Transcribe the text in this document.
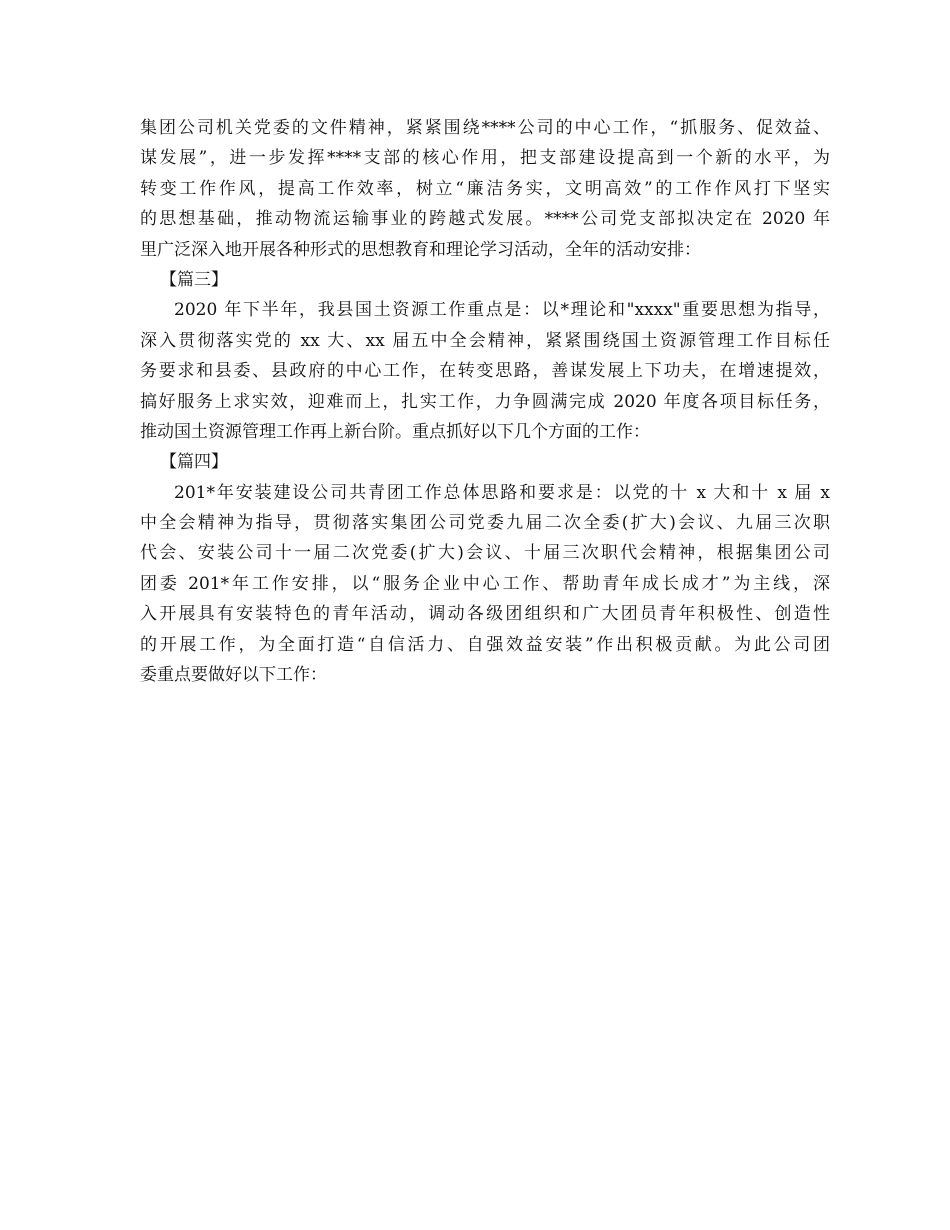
集团公司机关党委的文件精神，紧紧围绕****公司的中心工作，“抓服务、促效益、
谋发展”，进一步发挥****支部的核心作用，把支部建设提高到一个新的水平，为
转变工作作风，提高工作效率，树立“廉洁务实，文明高效”的工作作风打下坚实
的思想基础，推动物流运输事业的跨越式发展。****公司党支部拟决定在 2020 年
里广泛深入地开展各种形式的思想教育和理论学习活动，全年的活动安排：
【篇三】
2020 年下半年，我县国土资源工作重点是：以*理论和"xxxx"重要思想为指导，
深入贯彻落实党的 xx 大、xx 届五中全会精神，紧紧围绕国土资源管理工作目标任
务要求和县委、县政府的中心工作，在转变思路，善谋发展上下功夫，在增速提效，
搞好服务上求实效，迎难而上，扎实工作，力争圆满完成 2020 年度各项目标任务，
推动国土资源管理工作再上新台阶。重点抓好以下几个方面的工作：
【篇四】
201*年安装建设公司共青团工作总体思路和要求是：以党的十 x 大和十 x 届 x
中全会精神为指导，贯彻落实集团公司党委九届二次全委(扩大)会议、九届三次职
代会、安装公司十一届二次党委(扩大)会议、十届三次职代会精神，根据集团公司
团委 201*年工作安排，以“服务企业中心工作、帮助青年成长成才”为主线，深
入开展具有安装特色的青年活动，调动各级团组织和广大团员青年积极性、创造性
的开展工作，为全面打造“自信活力、自强效益安装”作出积极贡献。为此公司团
委重点要做好以下工作：
